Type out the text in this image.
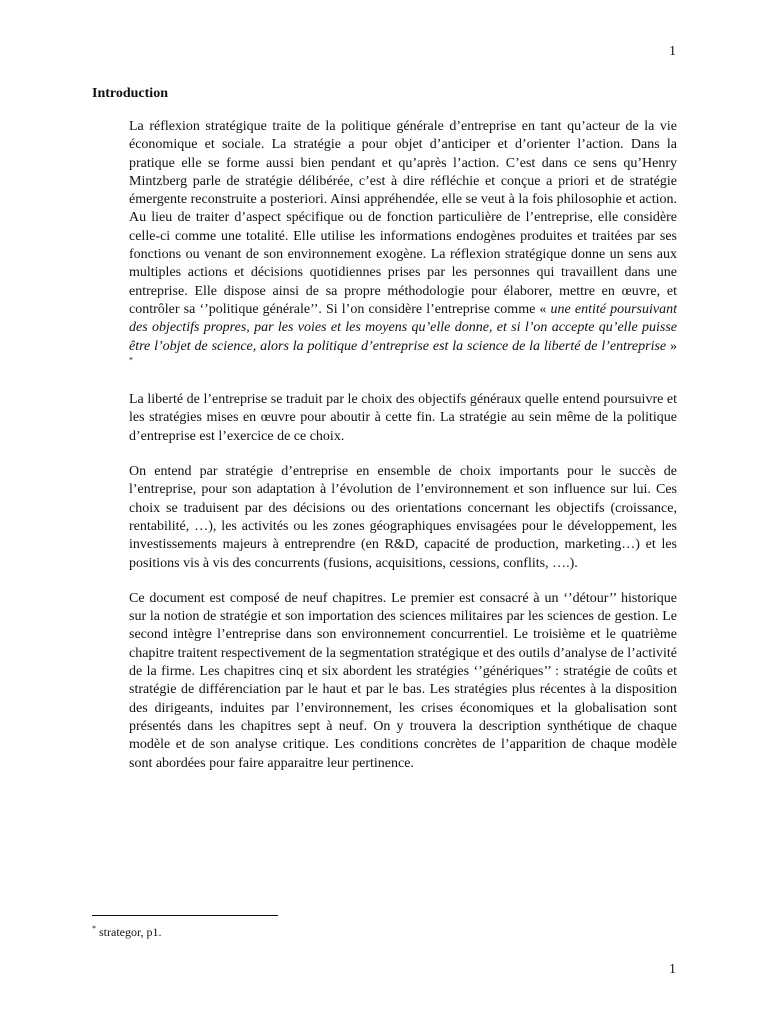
1
Introduction

La réflexion stratégique traite de la politique générale d’entreprise en tant qu’acteur de la vie économique et sociale. La stratégie a pour objet d’anticiper et d’orienter l’action. Dans la pratique elle se forme aussi bien pendant et qu’après l’action. C’est dans ce sens qu’Henry Mintzberg parle de stratégie délibérée, c’est à dire réfléchie et conçue a priori et de stratégie émergente reconstruite a posteriori. Ainsi appréhendée, elle se veut à la fois philosophie et action. Au lieu de traiter d’aspect spécifique ou de fonction particulière de l’entreprise, elle considère celle-ci comme une totalité. Elle utilise les informations endogènes produites et traitées par ses fonctions ou venant de son environnement exogène. La réflexion stratégique donne un sens aux multiples actions et décisions quotidiennes prises par les personnes qui travaillent dans une entreprise. Elle dispose ainsi de sa propre méthodologie pour élaborer, mettre en œuvre, et contrôler sa ‘’politique générale’’. Si l’on considère l’entreprise comme « une entité poursuivant des objectifs propres, par les voies et les moyens qu’elle donne, et si l’on accepte qu’elle puisse être l’objet de science, alors la politique d’entreprise est la science de la liberté de l’entreprise » *

La liberté de l’entreprise se traduit par le choix des objectifs généraux quelle entend poursuivre et les stratégies mises en œuvre pour aboutir à cette fin. La stratégie au sein même de la politique d’entreprise est l’exercice de ce choix.

On entend par stratégie d’entreprise en ensemble de choix importants pour le succès de l’entreprise, pour son adaptation à l’évolution de l’environnement et son influence sur lui. Ces choix se traduisent par des décisions ou des orientations concernant les objectifs (croissance, rentabilité, …), les activités ou les zones géographiques envisagées pour le développement, les investissements majeurs à entreprendre (en R&D, capacité de production, marketing…) et les positions vis à vis des concurrents (fusions, acquisitions, cessions, conflits, ….).

Ce document est composé de neuf chapitres. Le premier est consacré à un ‘’détour’’ historique sur la notion de stratégie et son importation des sciences militaires par les sciences de gestion. Le second intègre l’entreprise dans son environnement concurrentiel. Le troisième et le quatrième chapitre traitent respectivement de la segmentation stratégique et des outils d’analyse de l’activité de la firme. Les chapitres cinq et six abordent les stratégies ‘’génériques’’ : stratégie de coûts et stratégie de différenciation par le haut et par le bas. Les stratégies plus récentes à la disposition des dirigeants, induites par l’environnement, les crises économiques et la globalisation sont présentés dans les chapitres sept à neuf. On y trouvera la description synthétique de chaque modèle et de son analyse critique. Les conditions concrètes de l’apparition de chaque modèle sont abordées pour faire apparaitre leur pertinence.

* strategor, p1.
1
